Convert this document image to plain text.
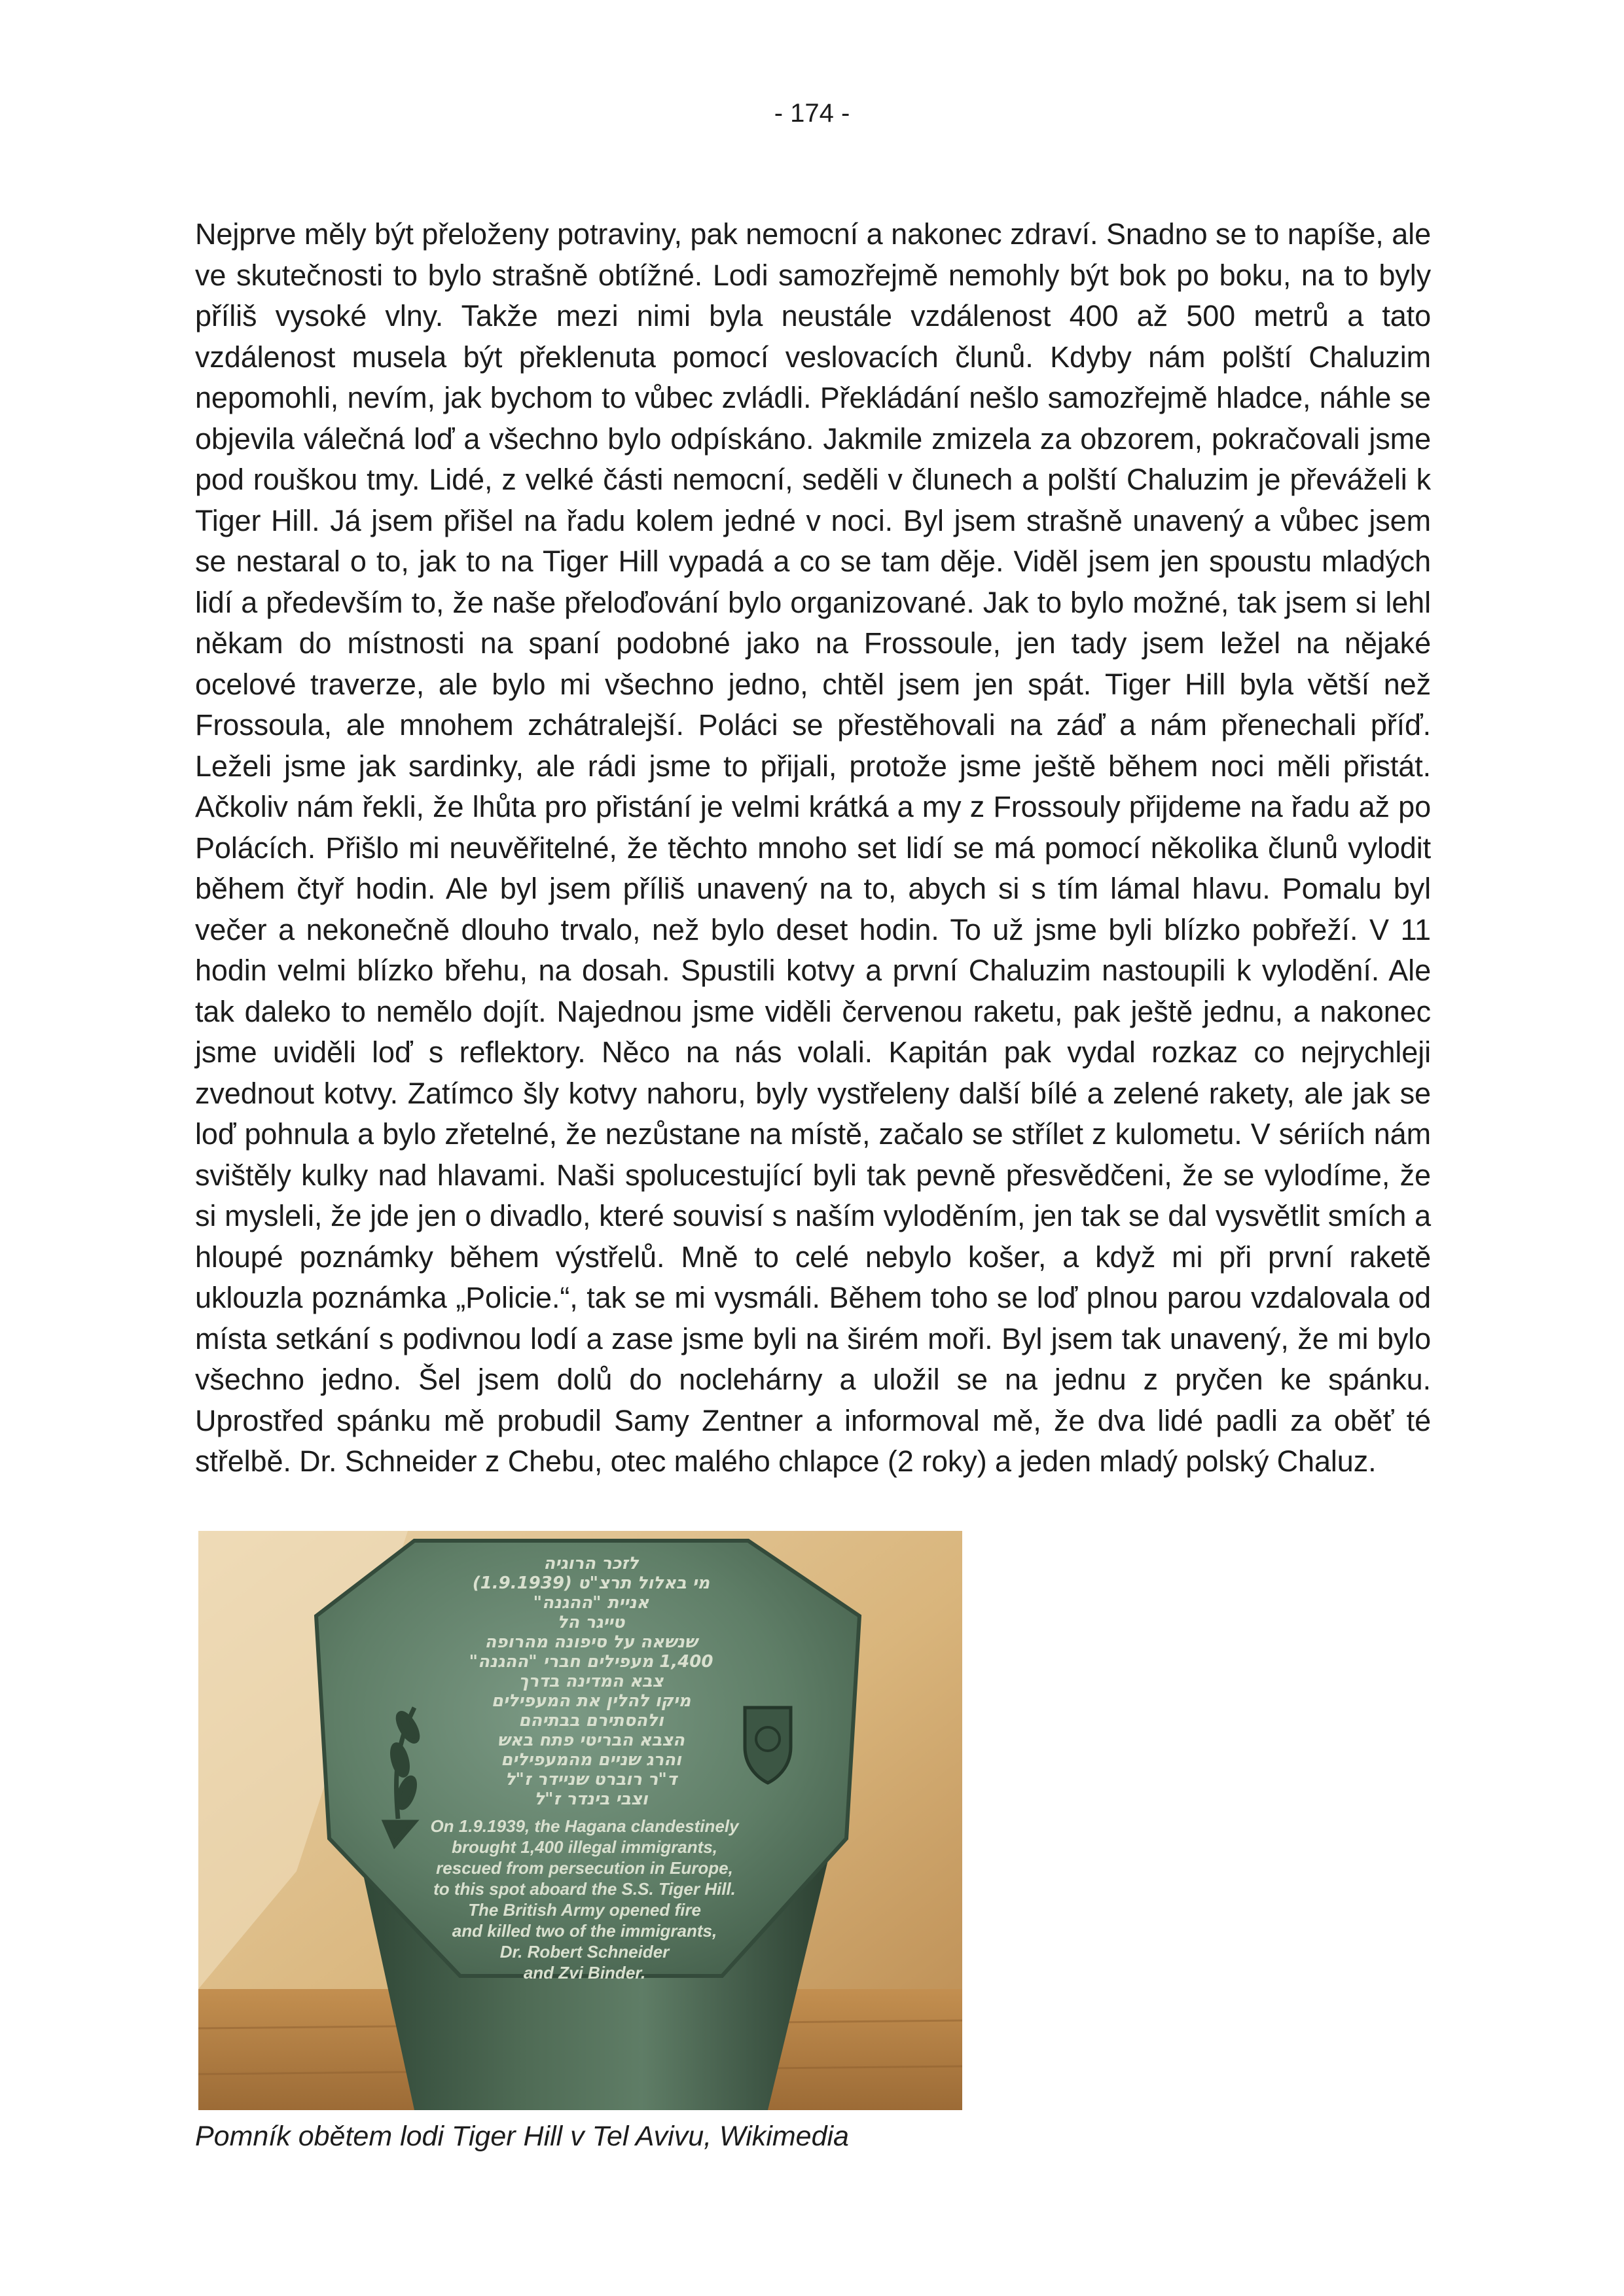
- 174 -

Nejprve měly být přeloženy potraviny, pak nemocní a nakonec zdraví. Snadno se to napíše, ale ve skutečnosti to bylo strašně obtížné. Lodi samozřejmě nemohly být bok po boku, na to byly příliš vysoké vlny. Takže mezi nimi byla neustále vzdálenost 400 až 500 metrů a tato vzdálenost musela být překlenuta pomocí veslovacích člunů. Kdyby nám polští Chaluzim nepomohli, nevím, jak bychom to vůbec zvládli. Překládání nešlo samozřejmě hladce, náhle se objevila válečná loď a všechno bylo odpískáno. Jakmile zmizela za obzorem, pokračovali jsme pod rouškou tmy. Lidé, z velké části nemocní, seděli v člunech a polští Chaluzim je převáželi k Tiger Hill. Já jsem přišel na řadu kolem jedné v noci. Byl jsem strašně unavený a vůbec jsem se nestaral o to, jak to na Tiger Hill vypadá a co se tam děje. Viděl jsem jen spoustu mladých lidí a především to, že naše přeloďování bylo organizované. Jak to bylo možné, tak jsem si lehl někam do místnosti na spaní podobné jako na Frossoule, jen tady jsem ležel na nějaké ocelové traverze, ale bylo mi všechno jedno, chtěl jsem jen spát. Tiger Hill byla větší než Frossoula, ale mnohem zchátralejší. Poláci se přestěhovali na záď a nám přenechali příď. Leželi jsme jak sardinky, ale rádi jsme to přijali, protože jsme ještě během noci měli přistát. Ačkoliv nám řekli, že lhůta pro přistání je velmi krátká a my z Frossouly přijdeme na řadu až po Polácích. Přišlo mi neuvěřitelné, že těchto mnoho set lidí se má pomocí několika člunů vylodit během čtyř hodin. Ale byl jsem příliš unavený na to, abych si s tím lámal hlavu. Pomalu byl večer a nekonečně dlouho trvalo, než bylo deset hodin. To už jsme byli blízko pobřeží. V 11 hodin velmi blízko břehu, na dosah. Spustili kotvy a první Chaluzim nastoupili k vylodění. Ale tak daleko to nemělo dojít. Najednou jsme viděli červenou raketu, pak ještě jednu, a nakonec jsme uviděli loď s reflektory. Něco na nás volali. Kapitán pak vydal rozkaz co nejrychleji zvednout kotvy. Zatímco šly kotvy nahoru, byly vystřeleny další bílé a zelené rakety, ale jak se loď pohnula a bylo zřetelné, že nezůstane na místě, začalo se střílet z kulometu. V sériích nám svištěly kulky nad hlavami. Naši spolucestující byli tak pevně přesvědčeni, že se vylodíme, že si mysleli, že jde jen o divadlo, které souvisí s naším vyloděním, jen tak se dal vysvětlit smích a hloupé poznámky během výstřelů. Mně to celé nebylo košer, a když mi při první raketě uklouzla poznámka „Policie.“, tak se mi vysmáli. Během toho se loď plnou parou vzdalovala od místa setkání s podivnou lodí a zase jsme byli na širém moři. Byl jsem tak unavený, že mi bylo všechno jedno. Šel jsem dolů do noclehárny a uložil se na jednu z pryčen ke spánku. Uprostřed spánku mě probudil Samy Zentner a informoval mě, že dva lidé padli za oběť té střelbě. Dr. Schneider z Chebu, otec malého chlapce (2 roky) a jeden mladý polský Chaluz.

לזכר הרוגיה
מי באלול תרצ"ט (1.9.1939)
אניית "ההגנה"
טייגר הל
שנשאה על סיפונה מהרופה
1,400 מעפילים חברי "ההגנה"
צבא המדינה בדרך
מיקו להלין את המעפילים
ולהסתירם בבתיהם
הצבא הבריטי פתח באש
והרג שניים מהמעפילים
ד"ר רוברט שניידר ז"ל
וצבי בינדר ז"ל
On 1.9.1939, the Hagana clandestinely
brought 1,400 illegal immigrants,
rescued from persecution in Europe,
to this spot aboard the S.S. Tiger Hill.
The British Army opened fire
and killed two of the immigrants,
Dr. Robert Schneider
and Zvi Binder.
Pomník obětem lodi Tiger Hill v Tel Avivu, Wikimedia
